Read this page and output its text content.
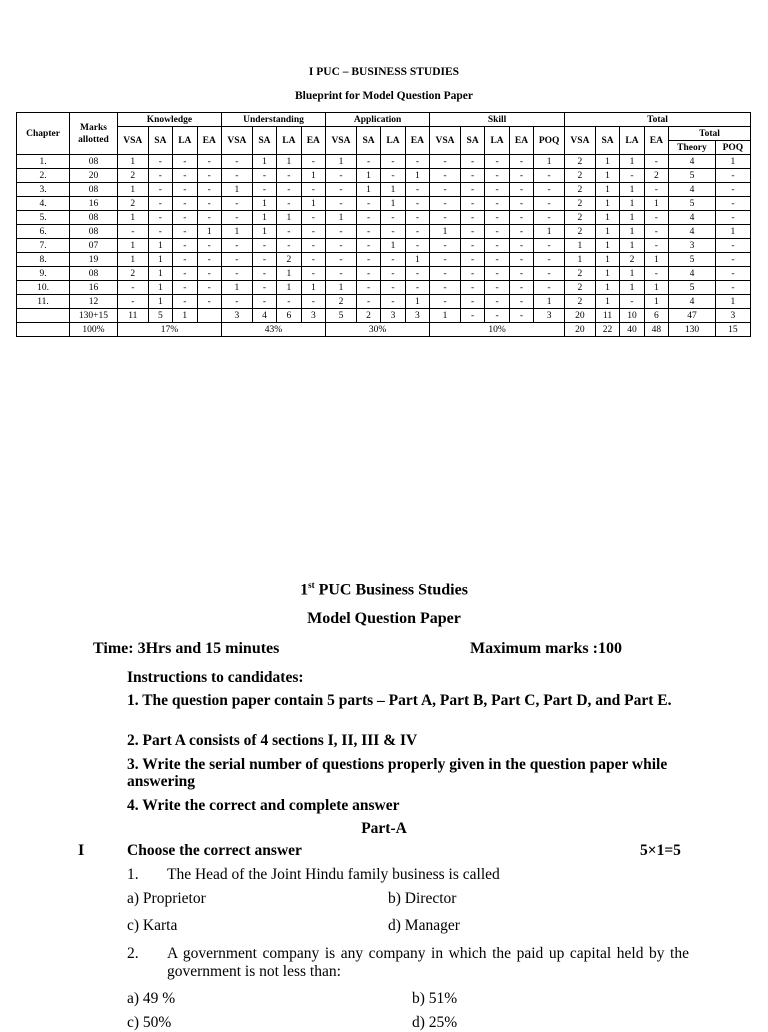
I PUC – BUSINESS STUDIES
Blueprint for Model Question Paper
Chapter	Marks allotted	Knowledge				Understanding				Application				Skill					Total					
		VSA	SA	LA	EA	VSA	SA	LA	EA	VSA	SA	LA	EA	VSA	SA	LA	EA	POQ	VSA	SA	LA	EA	Total	
																							Theory	POQ
1.	08	1	-	-	-	-	1	1	-	1	-	-	-	-	-	-	-	1	2	1	1	-	4	1
2.	20	2	-	-	-	-	-	-	1	-	1	-	1	-	-	-	-	-	2	1	-	2	5	-
3.	08	1	-	-	-	1	-	-	-	-	1	1	-	-	-	-	-	-	2	1	1	-	4	-
4.	16	2	-	-	-	-	1	-	1	-	-	1	-	-	-	-	-	-	2	1	1	1	5	-
5.	08	1	-	-	-	-	1	1	-	1	-	-	-	-	-	-	-	-	2	1	1	-	4	-
6.	08	-	-	-	1	1	1	-	-	-	-	-	-	1	-	-	-	1	2	1	1	-	4	1
7.	07	1	1	-	-	-	-	-	-	-	-	1	-	-	-	-	-	-	1	1	1	-	3	-
8.	19	1	1	-	-	-	-	2	-	-	-	-	1	-	-	-	-	-	1	1	2	1	5	-
9.	08	2	1	-	-	-	-	1	-	-	-	-	-	-	-	-	-	-	2	1	1	-	4	-
10.	16	-	1	-	-	1	-	1	1	1	-	-	-	-	-	-	-	-	2	1	1	1	5	-
11.	12	-	1	-	-	-	-	-	-	2	-	-	1	-	-	-	-	1	2	1	-	1	4	1
	130+15	11	5	1		3	4	6	3	5	2	3	3	1	-	-	-	3	20	11	10	6	47	3
	100%	17%				43%				30%				10%					20	22	40	48	130	15
1st PUC Business Studies
Model Question Paper
Time: 3Hrs and 15 minutes	Maximum marks :100
Instructions to candidates:
1. The question paper contain 5 parts – Part A, Part B, Part C, Part D, and Part E.
2. Part A consists of 4 sections I, II, III & IV
3. Write the serial number of questions properly given in the question paper while answering
4. Write the correct and complete answer
Part-A
I	Choose the correct answer	5×1=5
1. The Head of the Joint Hindu family business is called
a) Proprietor	b) Director
c) Karta	d) Manager
2. A government company is any company in which the paid up capital held by the government is not less than:
a) 49 %	b) 51%
c) 50%	d) 25%
